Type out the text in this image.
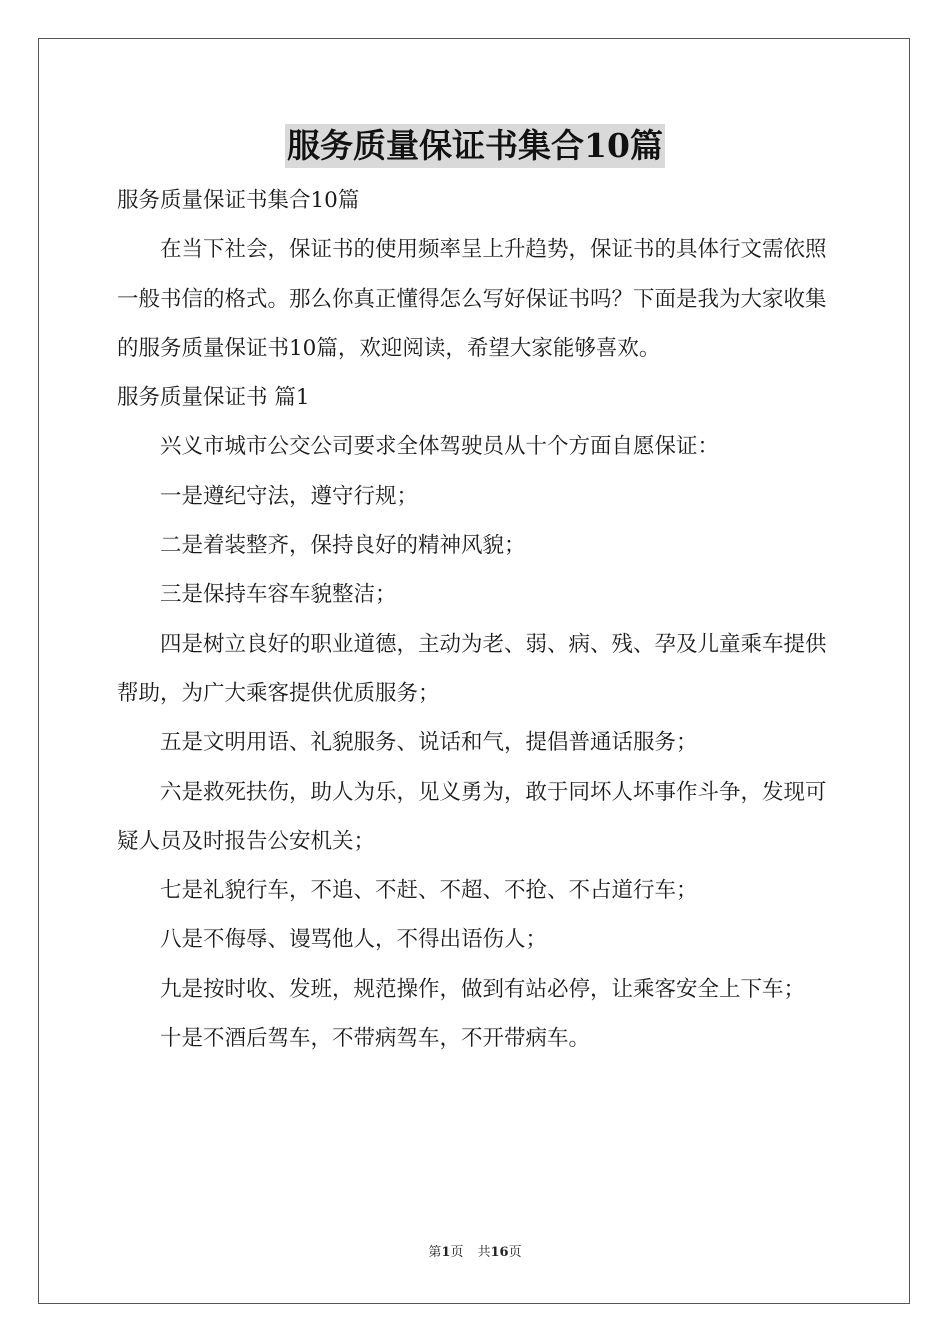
服务质量保证书集合10篇

服务质量保证书集合10篇

在当下社会，保证书的使用频率呈上升趋势，保证书的具体行文需依照一般书信的格式。那么你真正懂得怎么写好保证书吗？下面是我为大家收集的服务质量保证书10篇，欢迎阅读，希望大家能够喜欢。

服务质量保证书 篇1

兴义市城市公交公司要求全体驾驶员从十个方面自愿保证：

一是遵纪守法，遵守行规；

二是着装整齐，保持良好的精神风貌；

三是保持车容车貌整洁；

四是树立良好的职业道德，主动为老、弱、病、残、孕及儿童乘车提供帮助，为广大乘客提供优质服务；

五是文明用语、礼貌服务、说话和气，提倡普通话服务；

六是救死扶伤，助人为乐，见义勇为，敢于同坏人坏事作斗争，发现可疑人员及时报告公安机关；

七是礼貌行车，不追、不赶、不超、不抢、不占道行车；

八是不侮辱、谩骂他人，不得出语伤人；

九是按时收、发班，规范操作，做到有站必停，让乘客安全上下车；

十是不酒后驾车，不带病驾车，不开带病车。

第1页 共16页
